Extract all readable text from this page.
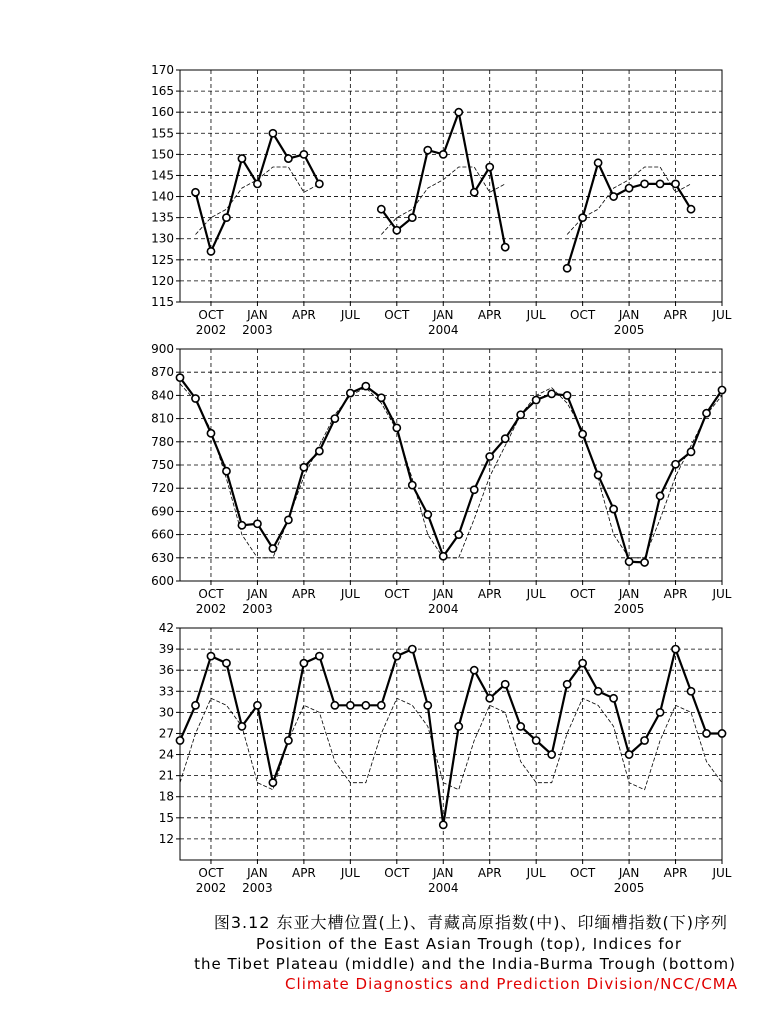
115
120
125
130
135
140
145
150
155
160
165
170
OCT JAN APR JUL OCT JAN APR JUL OCT JAN APR JUL
2002 2003	2004	2005
600
630
660
690
720
750
780
810
840
870
900
OCT JAN APR JUL OCT JAN APR JUL OCT JAN APR JUL
2002 2003	2004	2005
12
15
18
21
24
27
30
33
36
39
42
OCT JAN APR JUL OCT JAN APR JUL OCT JAN APR JUL
2002 2003	2004	2005
图3.12 东亚大槽位置(上)、青藏高原指数(中)、印缅槽指数(下)序列
Position of the East Asian Trough (top), Indices for
the Tibet Plateau (middle) and the India-Burma Trough (bottom)
Climate Diagnostics and Prediction Division/NCC/CMA
